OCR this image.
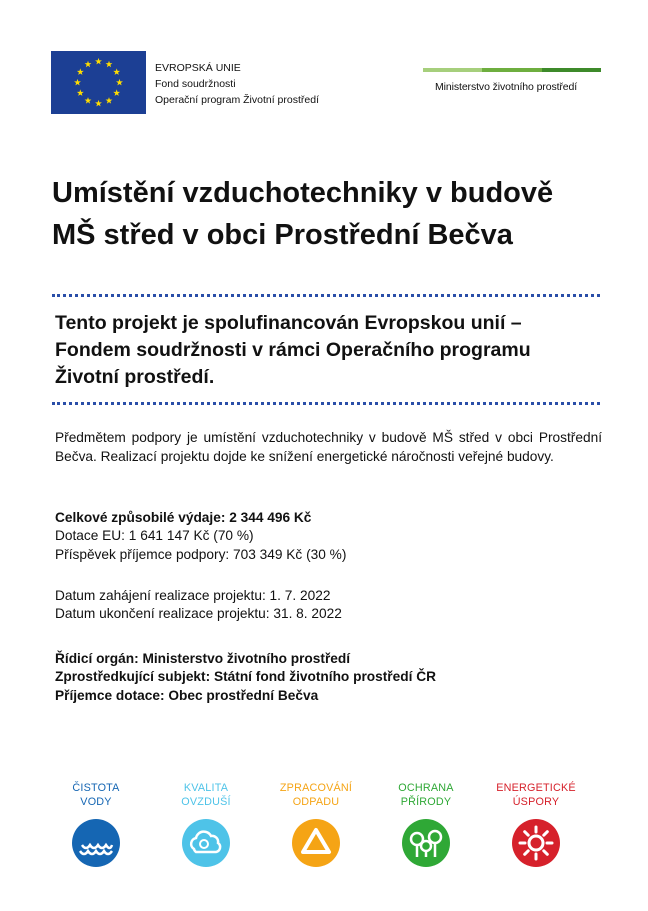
EVROPSKÁ UNIE
Fond soudržnosti
Operační program Životní prostředí
Ministerstvo životního prostředí
Umístění vzduchotechniky v budově
MŠ střed v obci Prostřední Bečva
Tento projekt je spolufinancován Evropskou unií –
Fondem soudržnosti v rámci Operačního programu
Životní prostředí.

Předmětem podpory je umístění vzduchotechniky v budově MŠ střed v obci Prostřední Bečva. Realizací projektu dojde ke snížení energetické náročnosti veřejné budovy.

Celkové způsobilé výdaje: 2 344 496 Kč
Dotace EU: 1 641 147 Kč (70 %)
Příspěvek příjemce podpory: 703 349 Kč (30 %)
Datum zahájení realizace projektu: 1. 7. 2022
Datum ukončení realizace projektu: 31. 8. 2022
Řídicí orgán: Ministerstvo životního prostředí
Zprostředkující subjekt: Státní fond životního prostředí ČR
Příjemce dotace: Obec prostřední Bečva
ČISTOTA
VODY
KVALITA
OVZDUŠÍ
ZPRACOVÁNÍ
ODPADU
OCHRANA
PŘÍRODY
ENERGETICKÉ
ÚSPORY
